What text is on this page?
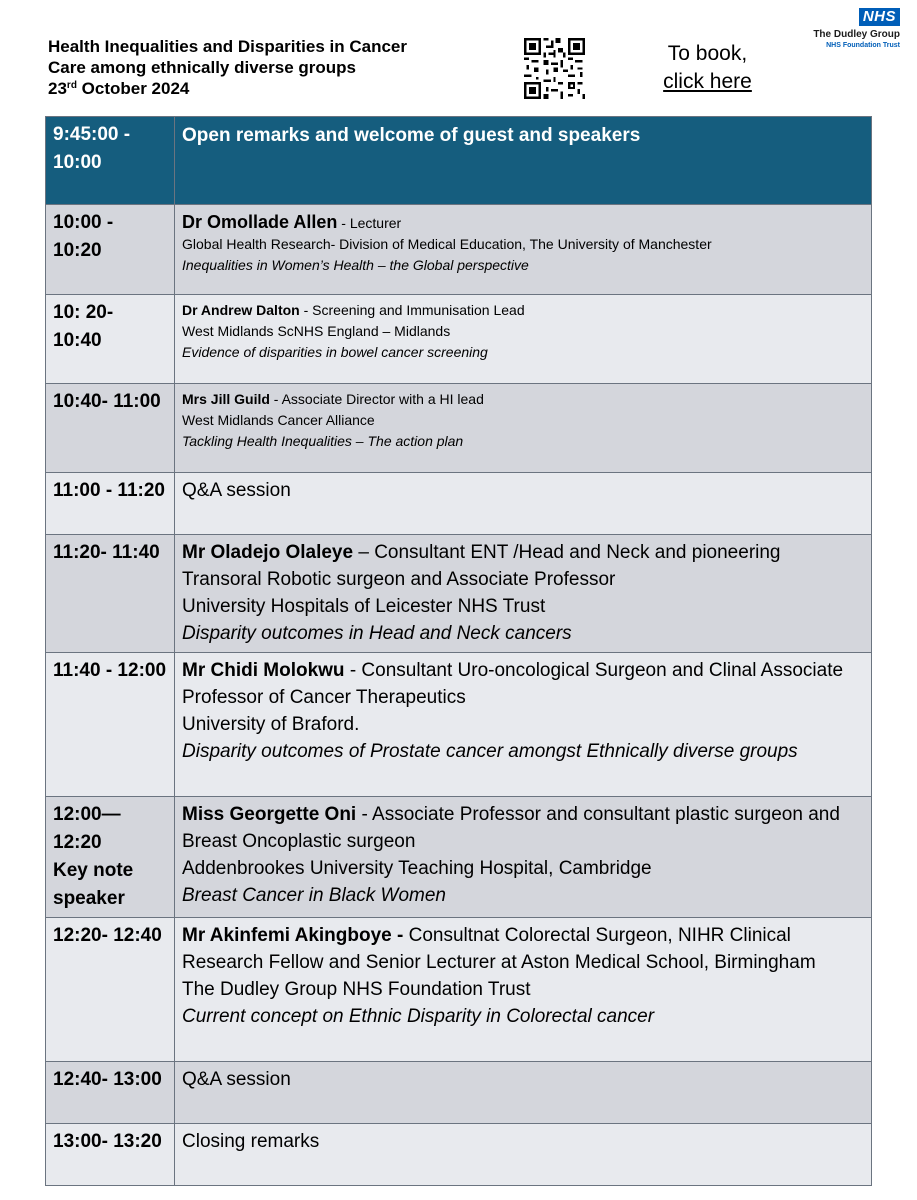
Health Inequalities and Disparities in Cancer
Care among ethnically diverse groups
23rd October 2024
To book,
click here
NHS
The Dudley Group
NHS Foundation Trust
9:45:00 - 10:00	Open remarks and welcome of guest and speakers
10:00 - 10:20	Dr Omollade Allen - Lecturer
Global Health Research- Division of Medical Education, The University of Manchester
Inequalities in Women’s Health – the Global perspective

10: 20- 10:40	Dr Andrew Dalton - Screening and Immunisation Lead
West Midlands ScNHS England – Midlands
Evidence of disparities in bowel cancer screening

10:40- 11:00	Mrs Jill Guild - Associate Director with a HI lead
West Midlands Cancer Alliance
Tackling Health Inequalities – The action plan

11:00 - 11:20	Q&A session
11:20- 11:40	Mr Oladejo Olaleye – Consultant ENT /Head and Neck and pioneering Transoral Robotic surgeon and Associate Professor
University Hospitals of Leicester NHS Trust
Disparity outcomes in Head and Neck cancers

11:40 - 12:00	Mr Chidi Molokwu - Consultant Uro-oncological Surgeon and Clinal Associate Professor of Cancer Therapeutics
University of Braford.
Disparity outcomes of Prostate cancer amongst Ethnically diverse groups

12:00— 12:20
Key note speaker	Miss Georgette Oni - Associate Professor and consultant plastic surgeon and Breast Oncoplastic surgeon
Addenbrookes University Teaching Hospital, Cambridge
Breast Cancer in Black Women

12:20- 12:40	Mr Akinfemi Akingboye - Consultnat Colorectal Surgeon, NIHR Clinical Research Fellow and Senior Lecturer at Aston Medical School, Birmingham
The Dudley Group NHS Foundation Trust
Current concept on Ethnic Disparity in Colorectal cancer

12:40- 13:00	Q&A session
13:00- 13:20	Closing remarks
